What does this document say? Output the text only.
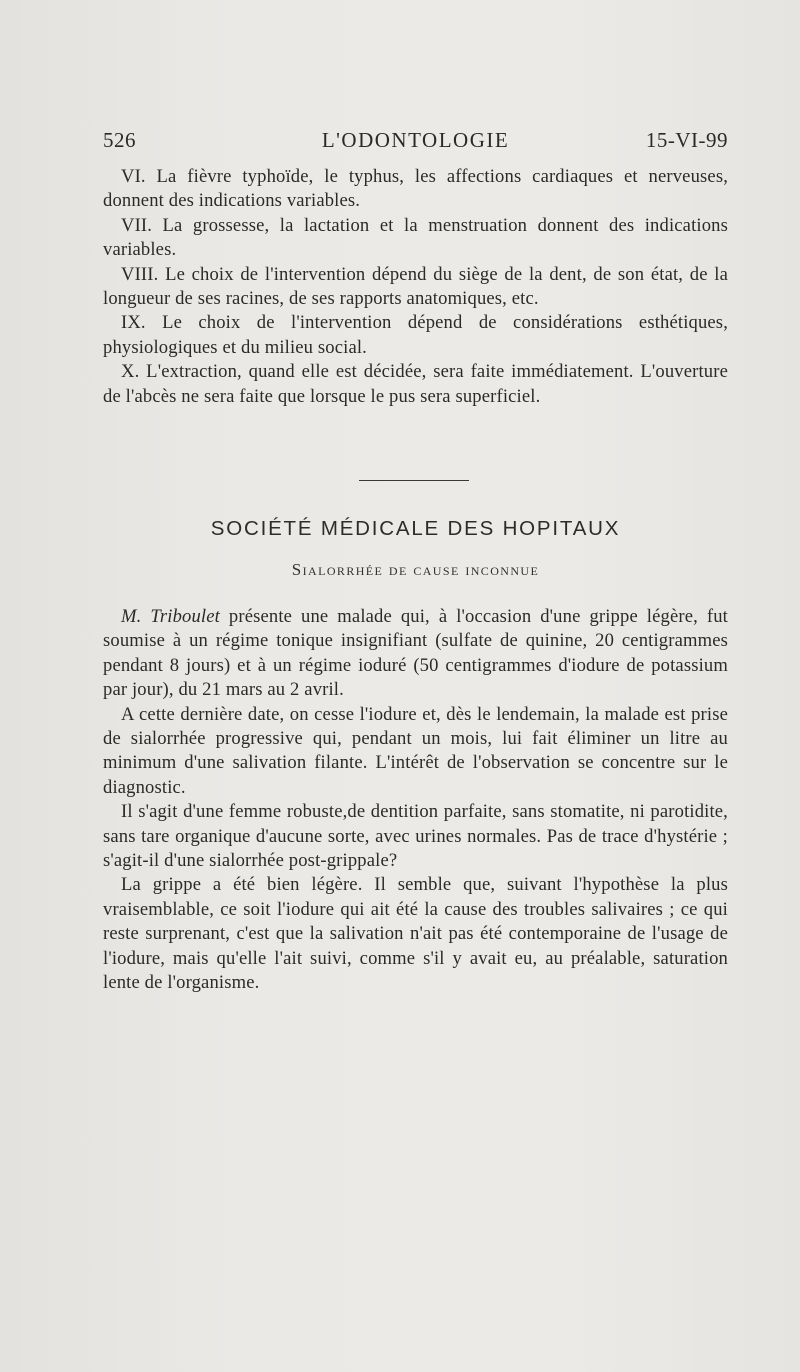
526	L'ODONTOLOGIE	15-VI-99

VI. La fièvre typhoïde, le typhus, les affections cardiaques et nerveuses, donnent des indications variables.

VII. La grossesse, la lactation et la menstruation donnent des indications variables.

VIII. Le choix de l'intervention dépend du siège de la dent, de son état, de la longueur de ses racines, de ses rapports anatomiques, etc.

IX. Le choix de l'intervention dépend de considérations esthétiques, physiologiques et du milieu social.

X. L'extraction, quand elle est décidée, sera faite immédiatement. L'ouverture de l'abcès ne sera faite que lorsque le pus sera superficiel.

SOCIÉTÉ MÉDICALE DES HOPITAUX
Sialorrhée de cause inconnue

M. Triboulet présente une malade qui, à l'occasion d'une grippe légère, fut soumise à un régime tonique insignifiant (sulfate de quinine, 20 centigrammes pendant 8 jours) et à un régime ioduré (50 centigrammes d'iodure de potassium par jour), du 21 mars au 2 avril.

A cette dernière date, on cesse l'iodure et, dès le lendemain, la malade est prise de sialorrhée progressive qui, pendant un mois, lui fait éliminer un litre au minimum d'une salivation filante. L'intérêt de l'observation se concentre sur le diagnostic.

Il s'agit d'une femme robuste,de dentition parfaite, sans stomatite, ni parotidite, sans tare organique d'aucune sorte, avec urines normales. Pas de trace d'hystérie ; s'agit-il d'une sialorrhée post-grippale?

La grippe a été bien légère. Il semble que, suivant l'hypothèse la plus vraisemblable, ce soit l'iodure qui ait été la cause des troubles salivaires ; ce qui reste surprenant, c'est que la salivation n'ait pas été contemporaine de l'usage de l'iodure, mais qu'elle l'ait suivi, comme s'il y avait eu, au préalable, saturation lente de l'organisme.
